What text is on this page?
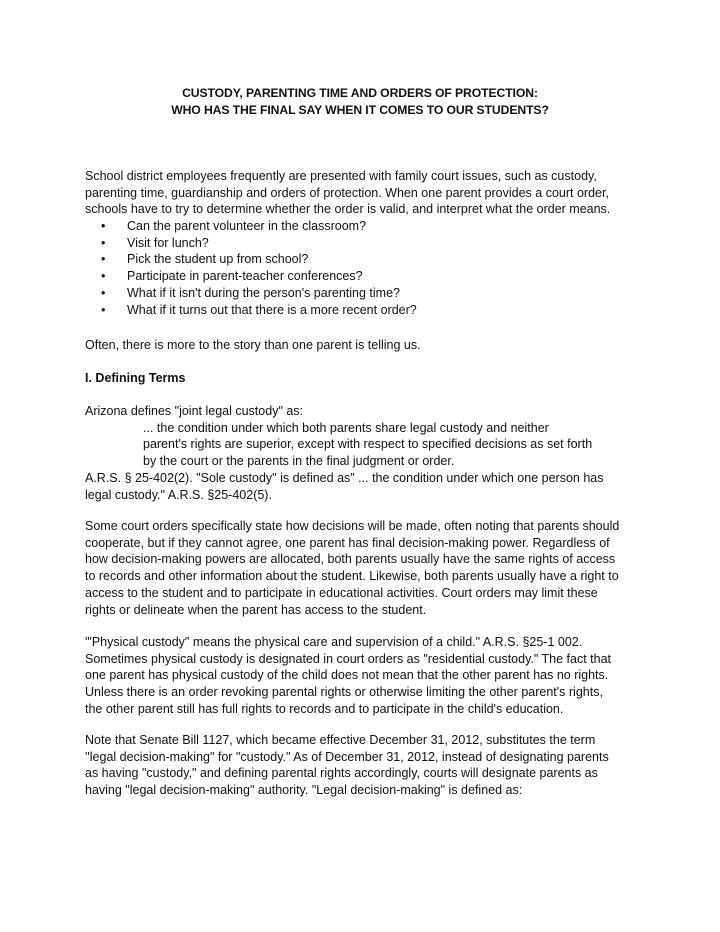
CUSTODY, PARENTING TIME AND ORDERS OF PROTECTION:
WHO HAS THE FINAL SAY WHEN IT COMES TO OUR STUDENTS?
School district employees frequently are presented with family court issues, such as custody,
parenting time, guardianship and orders of protection. When one parent provides a court order,
schools have to try to determine whether the order is valid, and interpret what the order means.
• Can the parent volunteer in the classroom?
• Visit for lunch?
• Pick the student up from school?
• Participate in parent-teacher conferences?
• What if it isn't during the person's parenting time?
• What if it turns out that there is a more recent order?
Often, there is more to the story than one parent is telling us.
I. Defining Terms
Arizona defines "joint legal custody" as:
... the condition under which both parents share legal custody and neither
parent's rights are superior, except with respect to specified decisions as set forth
by the court or the parents in the final judgment or order.
A.R.S. § 25-402(2). "Sole custody" is defined as" ... the condition under which one person has
legal custody." A.R.S. §25-402(5).
Some court orders specifically state how decisions will be made, often noting that parents should
cooperate, but if they cannot agree, one parent has final decision-making power. Regardless of
how decision-making powers are allocated, both parents usually have the same rights of access
to records and other information about the student. Likewise, both parents usually have a right to
access to the student and to participate in educational activities. Court orders may limit these
rights or delineate when the parent has access to the student.
'"Physical custody" means the physical care and supervision of a child." A.R.S. §25-1 002.
Sometimes physical custody is designated in court orders as "residential custody." The fact that
one parent has physical custody of the child does not mean that the other parent has no rights.
Unless there is an order revoking parental rights or otherwise limiting the other parent's rights,
the other parent still has full rights to records and to participate in the child's education.
Note that Senate Bill 1127, which became effective December 31, 2012, substitutes the term
''legal decision-making" for "custody." As of December 31, 2012, instead of designating parents
as having "custody," and defining parental rights accordingly, courts will designate parents as
having "legal decision-making" authority. "Legal decision-making" is defined as:
